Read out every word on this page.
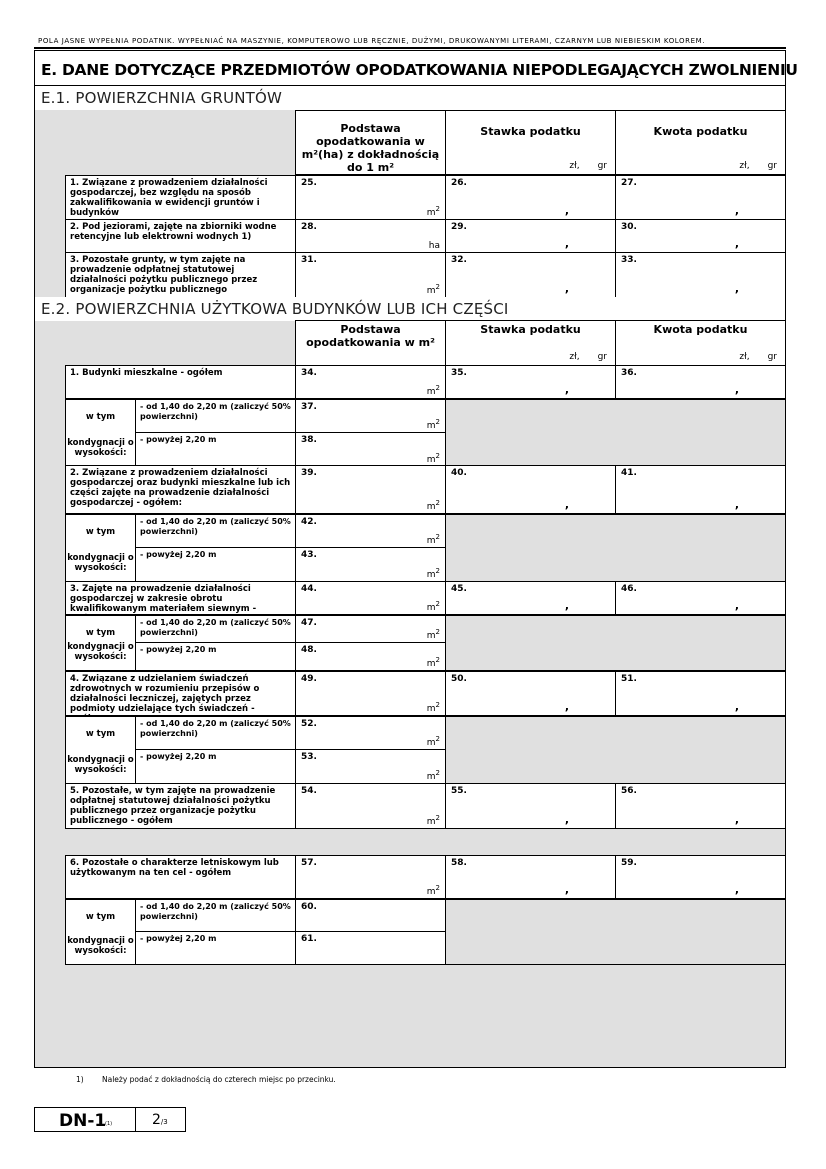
POLA JASNE WYPEŁNIA PODATNIK. WYPEŁNIAĆ NA MASZYNIE, KOMPUTEROWO LUB RĘCZNIE, DUŻYMI, DRUKOWANYMI LITERAMI, CZARNYM LUB NIEBIESKIM KOLOREM.
E. DANE DOTYCZĄCE PRZEDMIOTÓW OPODATKOWANIA NIEPODLEGAJĄCYCH ZWOLNIENIU
E.1. POWIERZCHNIA GRUNTÓW
Podstawa opodatkowania w m²(ha) z dokładnością do 1 m²
Stawka podatku
zł, gr
Kwota podatku
zł, gr
1. Związane z prowadzeniem działalności gospodarczej, bez względu na sposób zakwalifikowania w ewidencji gruntów i budynków
25.
$m^2$
26.
,
27.
,
2. Pod jeziorami, zajęte na zbiorniki wodne retencyjne lub elektrowni wodnych 1)
28.
ha
29.
,
30.
,
3. Pozostałe grunty, w tym zajęte na prowadzenie odpłatnej statutowej działalności pożytku publicznego przez organizacje pożytku publicznego
31.
$m^2$
32.
,
33.
,
E.2. POWIERZCHNIA UŻYTKOWA BUDYNKÓW LUB ICH CZĘŚCI
Podstawa opodatkowania w m²
Stawka podatku
zł, gr
Kwota podatku
zł, gr
1. Budynki mieszkalne - ogółem	34.
$m^2$
35.
,
36.
,
w tym
kondygnacji o wysokości:
- od 1,40 do 2,20 m (zaliczyć 50% powierzchni)
- powyżej 2,20 m
37.
$m^2$
38.
$m^2$
2. Związane z prowadzeniem działalności gospodarczej oraz budynki mieszkalne lub ich części zajęte na prowadzenie działalności gospodarczej - ogółem:
39.
$m^2$
40.
,
41.
,
w tym
kondygnacji o wysokości:
- od 1,40 do 2,20 m (zaliczyć 50% powierzchni)
- powyżej 2,20 m
42.
$m^2$
43.
$m^2$
3. Zajęte na prowadzenie działalności gospodarczej w zakresie obrotu kwalifikowanym materiałem siewnym -
44.
$m^2$
45.
,
46.
,
w tym
kondygnacji o wysokości:
- od 1,40 do 2,20 m (zaliczyć 50% powierzchni)
- powyżej 2,20 m
47.
$m^2$
48.
$m^2$
4. Związane z udzielaniem świadczeń zdrowotnych w rozumieniu przepisów o działalności leczniczej, zajętych przez podmioty udzielające tych świadczeń -
49.
$m^2$
50.
,
51.
,
w tym
kondygnacji o wysokości:
- od 1,40 do 2,20 m (zaliczyć 50% powierzchni)
- powyżej 2,20 m
52.
$m^2$
53.
$m^2$
5. Pozostałe, w tym zajęte na prowadzenie odpłatnej statutowej działalności pożytku publicznego przez organizacje pożytku publicznego - ogółem
54.
$m^2$
55.
,
56.
,
6. Pozostałe o charakterze letniskowym lub użytkowanym na ten cel - ogółem
57.
$m^2$
58.
,
59.
,
w tym
kondygnacji o wysokości:
- od 1,40 do 2,20 m (zaliczyć 50% powierzchni)
- powyżej 2,20 m
60.
61.
1) Należy podać z dokładnością do czterech miejsc po przecinku.
DN-1
(1)	2/3
